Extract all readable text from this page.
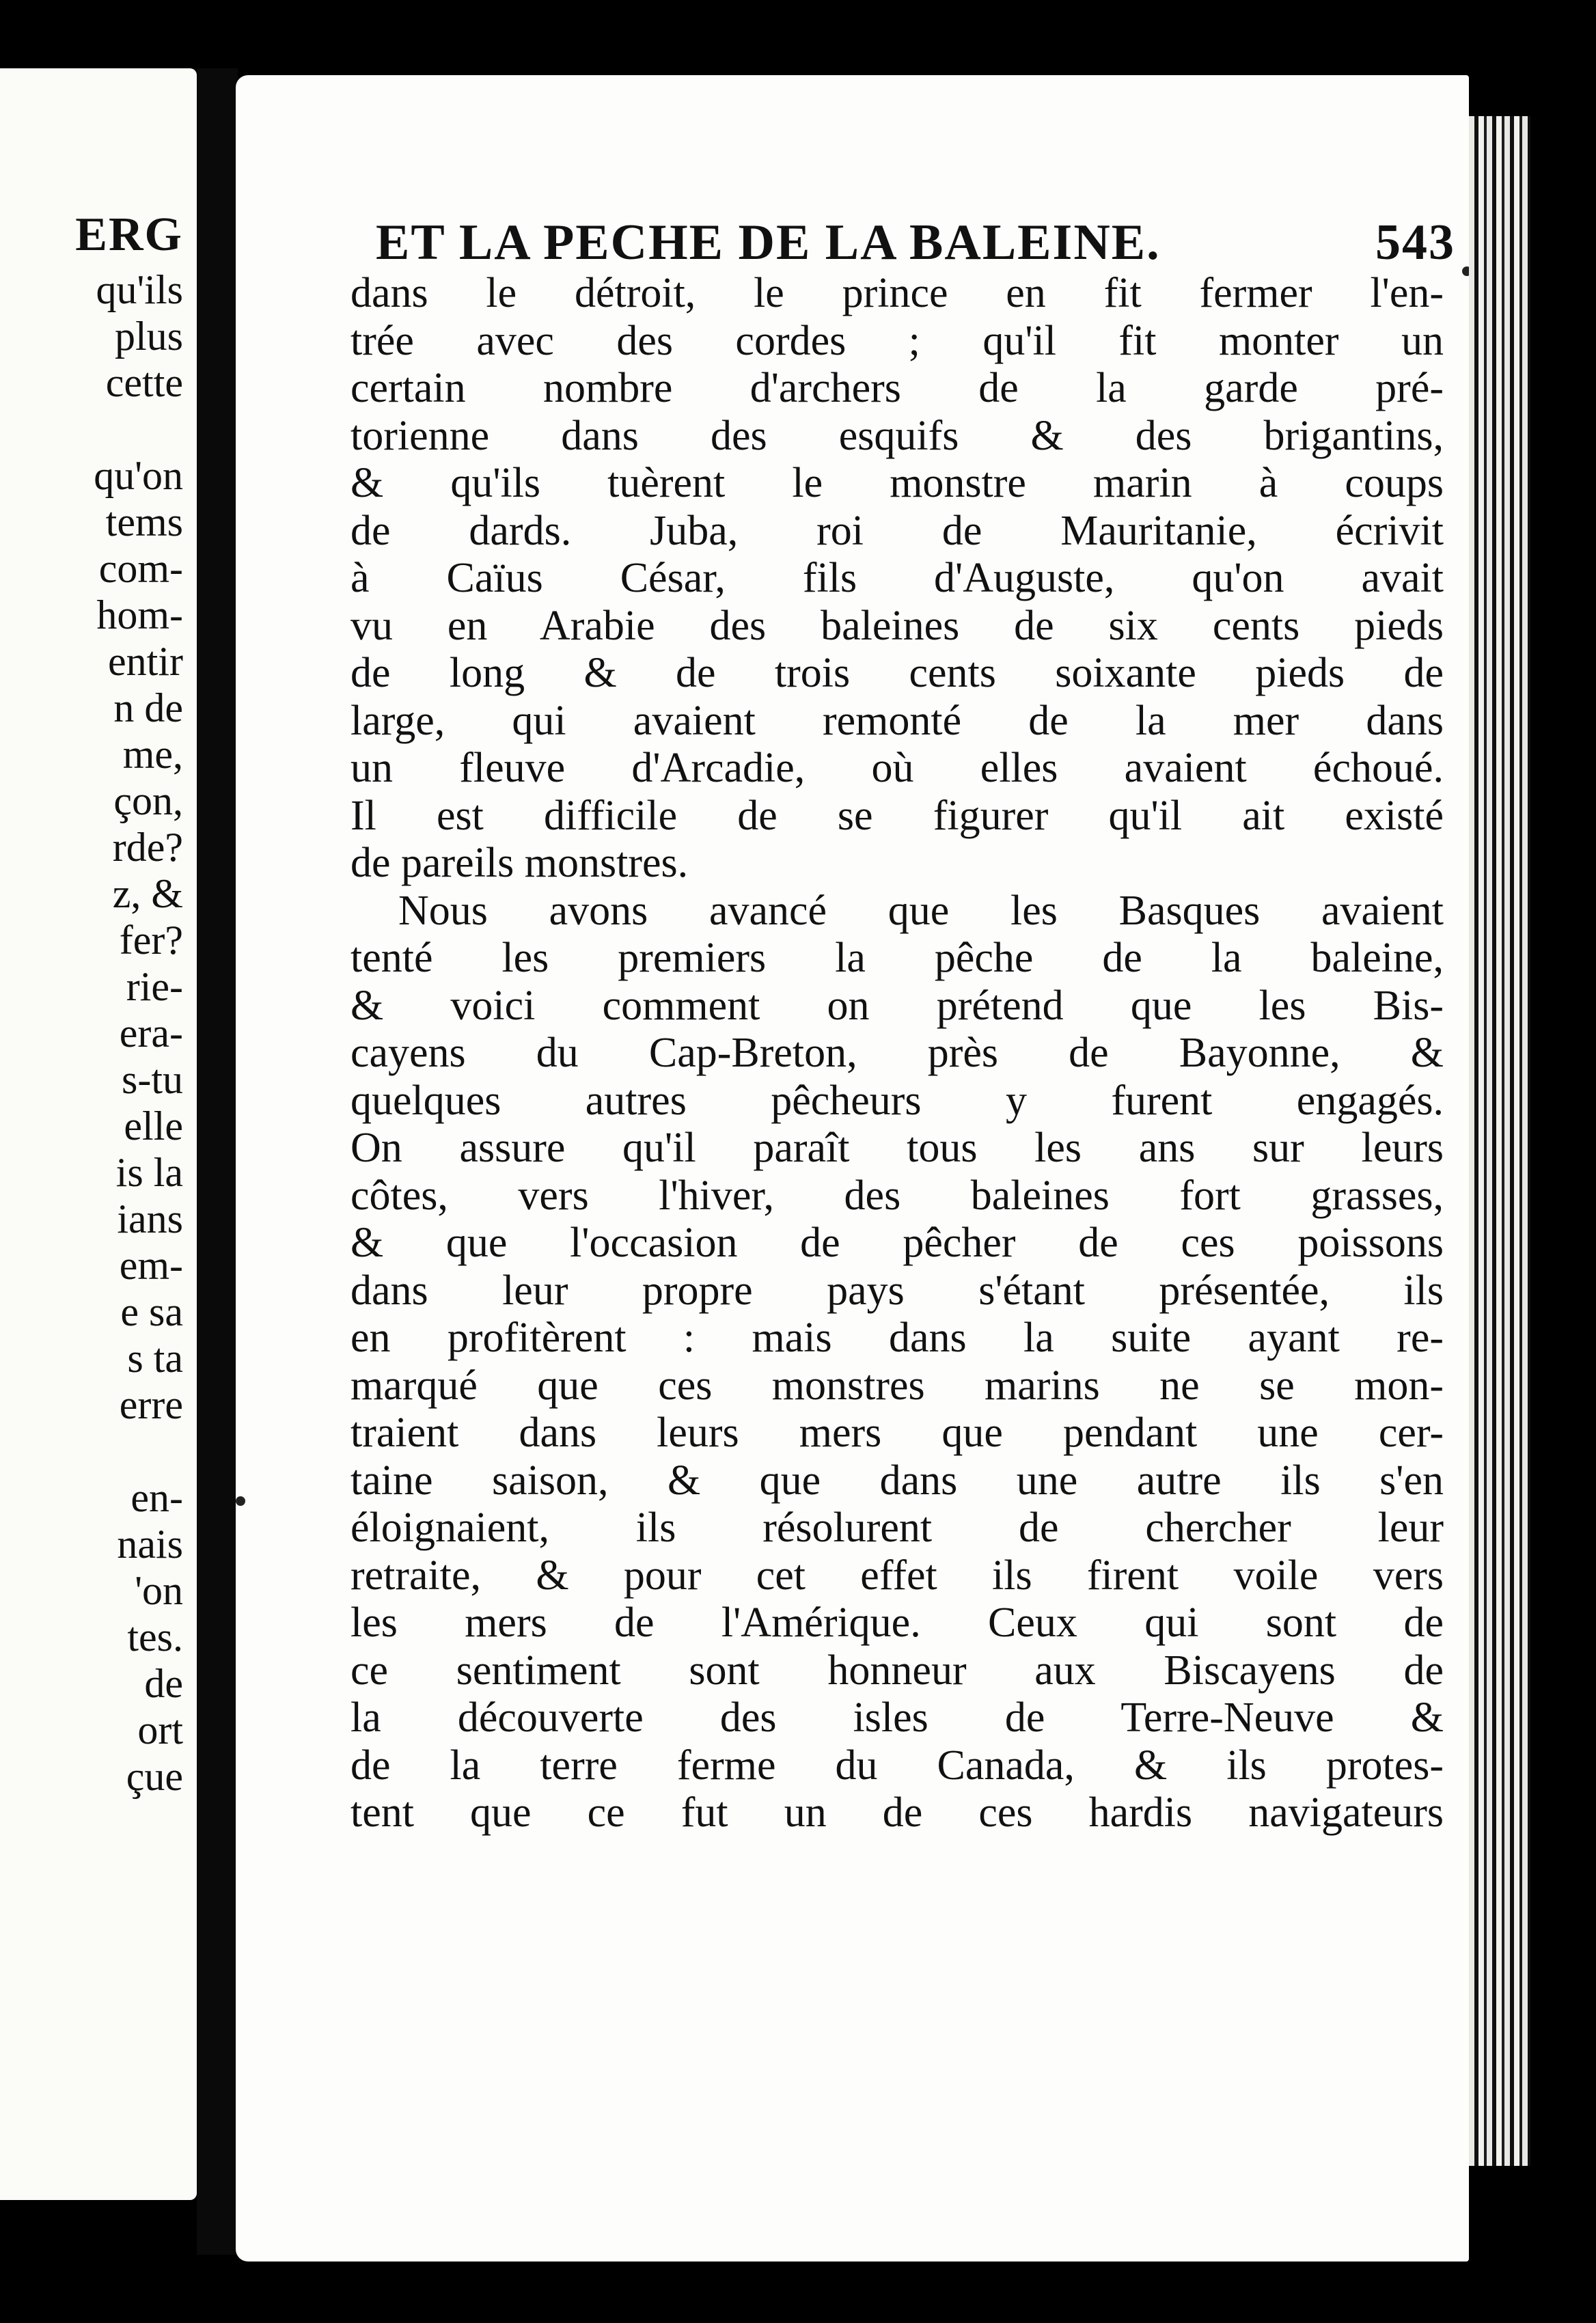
ERG
qu'ils
plus
cette
qu'on
tems
com-
hom-
entir
n de
me,
çon,
rde?
z, &
fer?
rie-
era-
s-tu
elle
is la
ians
em-
e sa
s ta
erre
en-
nais
'on
tes.
de
ort
çue
ET LA PECHE DE LA BALEINE.	543
dans le détroit, le prince en fit fermer l'en-
trée avec des cordes ; qu'il fit monter un
certain nombre d'archers de la garde pré-
torienne dans des esquifs & des brigantins,
& qu'ils tuèrent le monstre marin à coups
de dards. Juba, roi de Mauritanie, écrivit
à Caïus César, fils d'Auguste, qu'on avait
vu en Arabie des baleines de six cents pieds
de long & de trois cents soixante pieds de
large, qui avaient remonté de la mer dans
un fleuve d'Arcadie, où elles avaient échoué.
Il est difficile de se figurer qu'il ait existé
de pareils monstres.
Nous avons avancé que les Basques avaient
tenté les premiers la pêche de la baleine,
& voici comment on prétend que les Bis-
cayens du Cap-Breton, près de Bayonne, &
quelques autres pêcheurs y furent engagés.
On assure qu'il paraît tous les ans sur leurs
côtes, vers l'hiver, des baleines fort grasses,
& que l'occasion de pêcher de ces poissons
dans leur propre pays s'étant présentée, ils
en profitèrent : mais dans la suite ayant re-
marqué que ces monstres marins ne se mon-
traient dans leurs mers que pendant une cer-
taine saison, & que dans une autre ils s'en
éloignaient, ils résolurent de chercher leur
retraite, & pour cet effet ils firent voile vers
les mers de l'Amérique. Ceux qui sont de
ce sentiment sont honneur aux Biscayens de
la découverte des isles de Terre-Neuve &
de la terre ferme du Canada, & ils protes-
tent que ce fut un de ces hardis navigateurs
